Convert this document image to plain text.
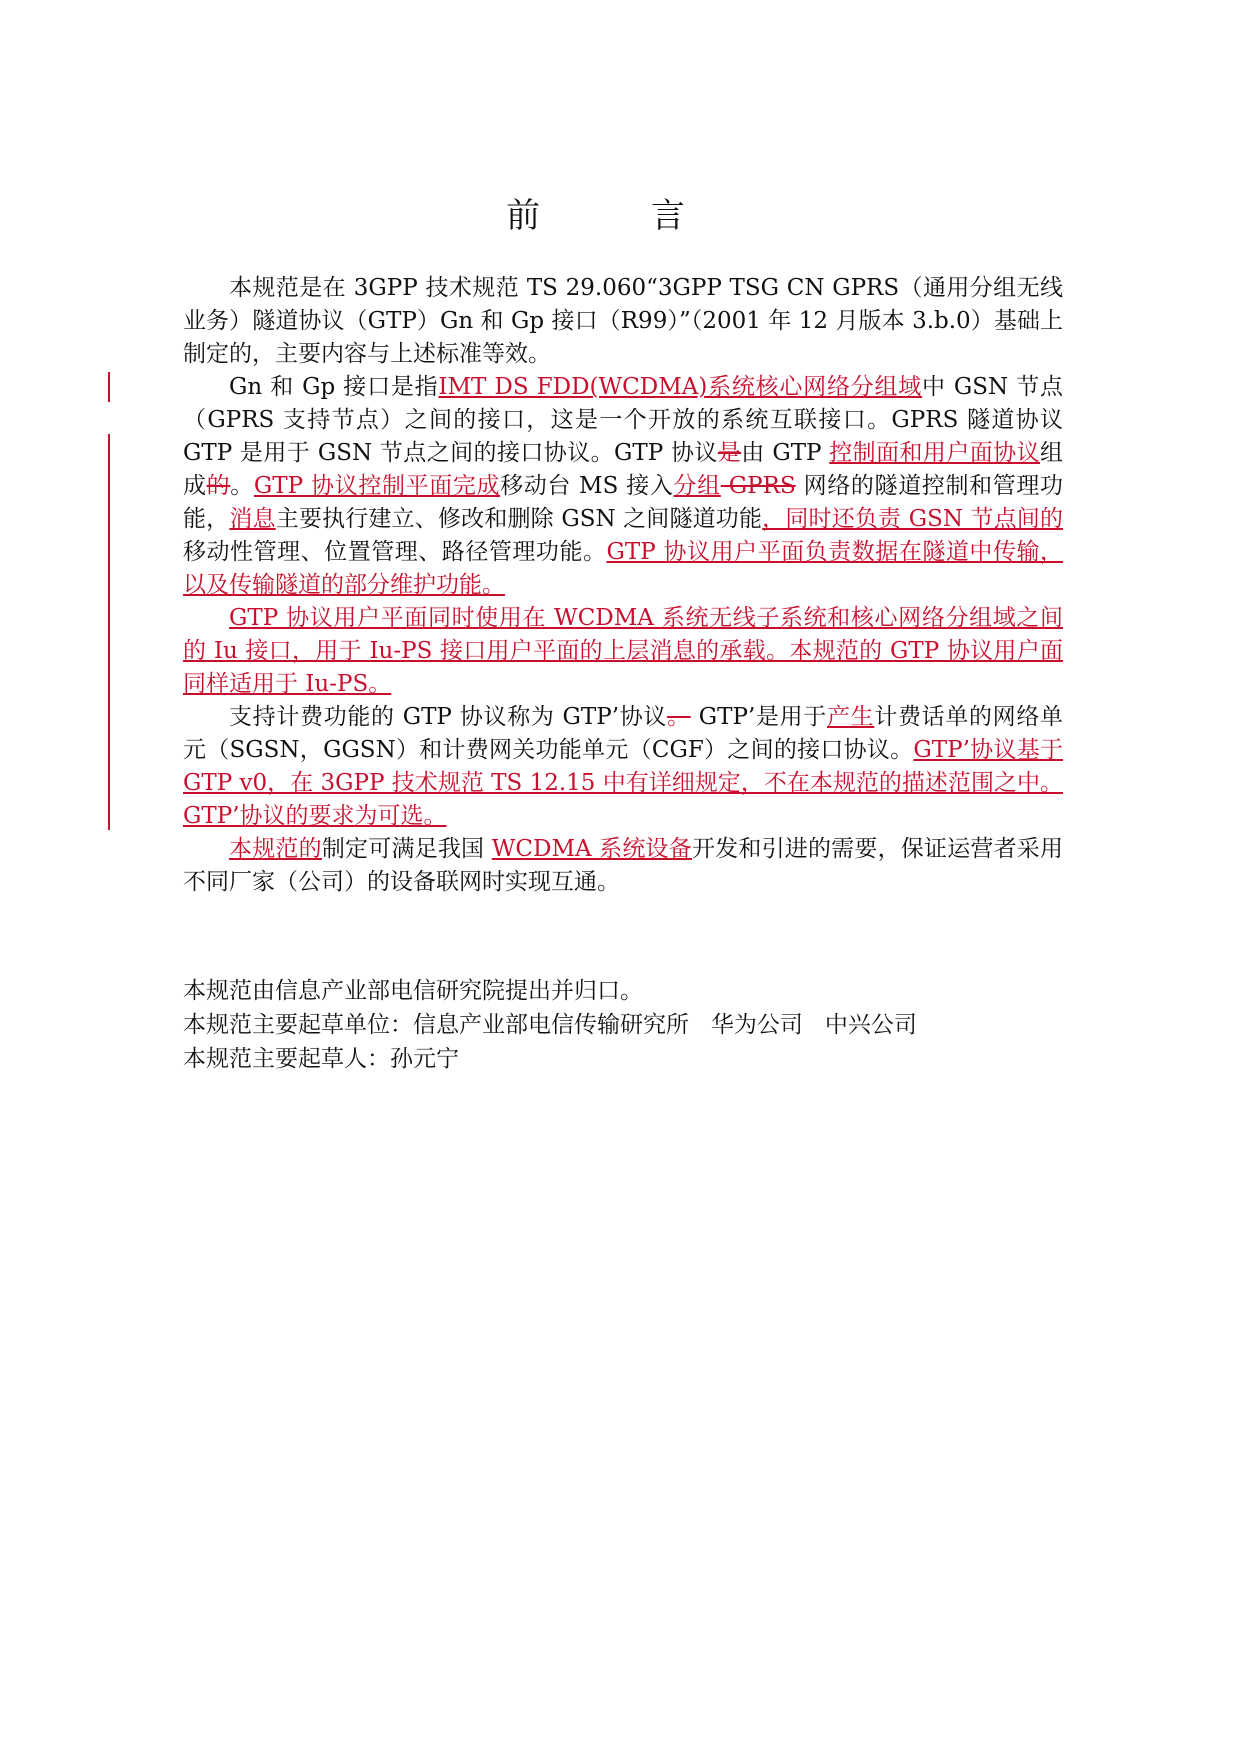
前 言

本规范是在 3GPP 技术规范 TS 29.060“3GPP TSG CN GPRS（通用分组无线业务）隧道协议（GTP）Gn 和 Gp 接口（R99）”（2001 年 12 月版本 3.b.0）基础上制定的，主要内容与上述标准等效。

Gn 和 Gp 接口是指IMT DS FDD(WCDMA)系统核心网络分组域中 GSN 节点（GPRS 支持节点）之间的接口，这是一个开放的系统互联接口。GPRS 隧道协议 GTP 是用于 GSN 节点之间的接口协议。GTP 协议是由 GTP 控制面和用户面协议组成的。GTP 协议控制平面完成移动台 MS 接入分组 GPRS 网络的隧道控制和管理功能，消息主要执行建立、修改和删除 GSN 之间隧道功能，同时还负责 GSN 节点间的移动性管理、位置管理、路径管理功能。GTP 协议用户平面负责数据在隧道中传输，以及传输隧道的部分维护功能。

GTP 协议用户平面同时使用在 WCDMA 系统无线子系统和核心网络分组域之间的 Iu 接口，用于 Iu-PS 接口用户平面的上层消息的承载。本规范的 GTP 协议用户面同样适用于 Iu-PS。

支持计费功能的 GTP 协议称为 GTP’协议。 GTP’是用于产生计费话单的网络单元（SGSN，GGSN）和计费网关功能单元（CGF）之间的接口协议。GTP’协议基于 GTP v0，在 3GPP 技术规范 TS 12.15 中有详细规定，不在本规范的描述范围之中。GTP’协议的要求为可选。

本规范的制定可满足我国 WCDMA 系统设备开发和引进的需要，保证运营者采用不同厂家（公司）的设备联网时实现互通。

本规范由信息产业部电信研究院提出并归口。
本规范主要起草单位：信息产业部电信传输研究所   华为公司   中兴公司
本规范主要起草人：孙元宁
